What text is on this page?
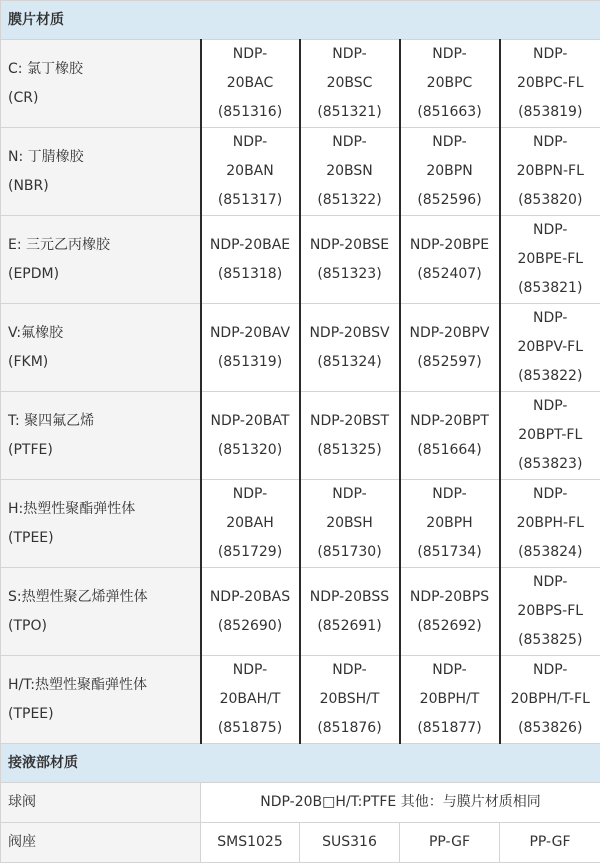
膜片材质				

C: 氯丁橡胶
(CR)	NDP-
20BAC
(851316)	NDP-
20BSC
(851321)	NDP-
20BPC
(851663)	NDP-
20BPC-FL
(853819)

N: 丁腈橡胶
(NBR)	NDP-
20BAN
(851317)	NDP-
20BSN
(851322)	NDP-
20BPN
(852596)	NDP-
20BPN-FL
(853820)

E: 三元乙丙橡胶
(EPDM)	NDP-20BAE
(851318)	NDP-20BSE
(851323)	NDP-20BPE
(852407)	NDP-
20BPE-FL
(853821)

V:氟橡胶
(FKM)	NDP-20BAV
(851319)	NDP-20BSV
(851324)	NDP-20BPV
(852597)	NDP-
20BPV-FL
(853822)

T: 聚四氟乙烯
(PTFE)	NDP-20BAT
(851320)	NDP-20BST
(851325)	NDP-20BPT
(851664)	NDP-
20BPT-FL
(853823)

H:热塑性聚酯弹性体
(TPEE)	NDP-
20BAH
(851729)	NDP-
20BSH
(851730)	NDP-
20BPH
(851734)	NDP-
20BPH-FL
(853824)

S:热塑性聚乙烯弹性体
(TPO)	NDP-20BAS
(852690)	NDP-20BSS
(852691)	NDP-20BPS
(852692)	NDP-
20BPS-FL
(853825)

H/T:热塑性聚酯弹性体
(TPEE)	NDP-
20BAH/T
(851875)	NDP-
20BSH/T
(851876)	NDP-
20BPH/T
(851877)	NDP-
20BPH/T-FL
(853826)

接液部材质				
球阀	NDP-20B□H/T:PTFE 其他：与膜片材质相同			
阀座	SMS1025	SUS316	PP-GF	PP-GF
